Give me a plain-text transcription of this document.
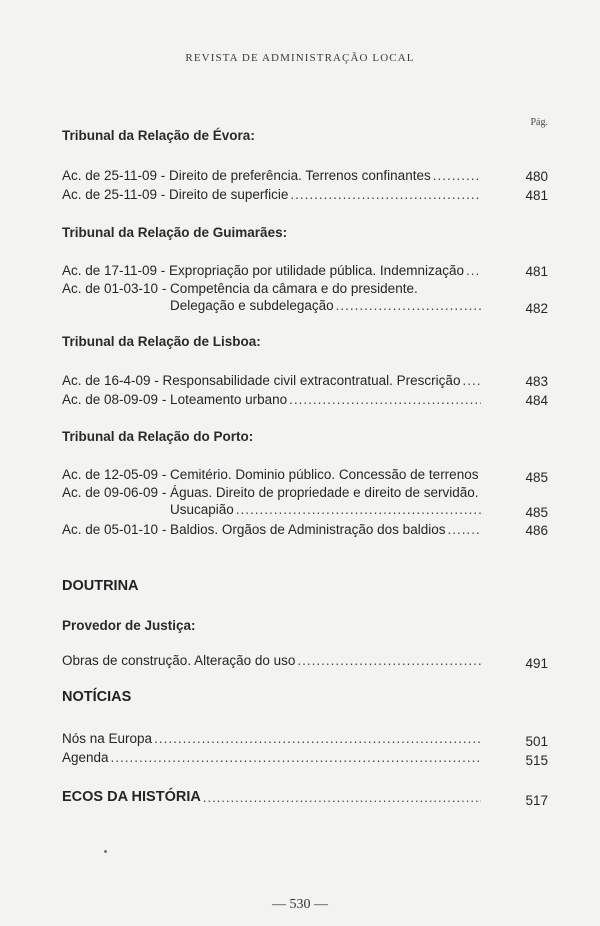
REVISTA DE ADMINISTRAÇÃO LOCAL
Pág.
Tribunal da Relação de Évora:
Ac. de 25-11-09 - Direito de preferência. Terrenos confinantes .....	480
Ac. de 25-11-09 - Direito de superficie .....	481
Tribunal da Relação de Guimarães:
Ac. de 17-11-09 - Expropriação por utilidade pública. Indemnização .....	481
Ac. de 01-03-10 - Competência da câmara e do presidente.
Delegação e subdelegação .....	482
Tribunal da Relação de Lisboa:
Ac. de 16-4-09 - Responsabilidade civil extracontratual. Prescrição .....	483
Ac. de 08-09-09 - Loteamento urbano .....	484
Tribunal da Relação do Porto:
Ac. de 12-05-09 - Cemitério. Dominio público. Concessão de terrenos .....	485
Ac. de 09-06-09 - Águas. Direito de propriedade e direito de servidão.
Usucapião .....	485
Ac. de 05-01-10 - Baldios. Orgãos de Administração dos baldios .....	486
DOUTRINA
Provedor de Justiça:
Obras de construção. Alteração do uso .....	491
NOTÍCIAS
Nós na Europa .....	501
Agenda .....	515
ECOS DA HISTÓRIA .....	517
— 530 —
